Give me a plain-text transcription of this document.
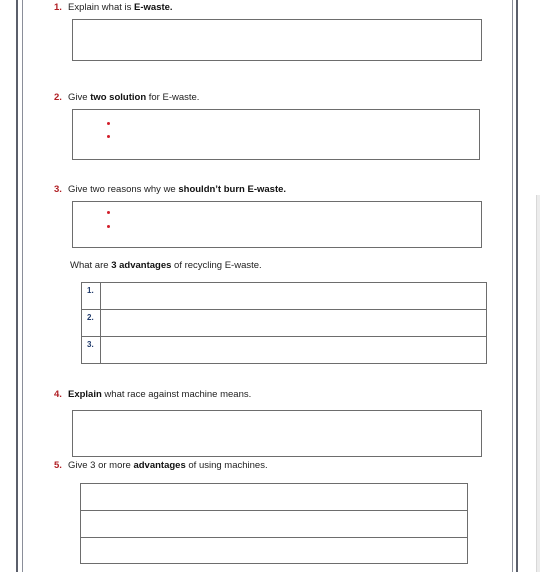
1. Explain what is E-waste.
2. Give two solution for E-waste.
3. Give two reasons why we shouldn’t burn E-waste.
What are 3 advantages of recycling E-waste.
1.
2.
3.
4. Explain what race against machine means.
5. Give 3 or more advantages of using machines.
